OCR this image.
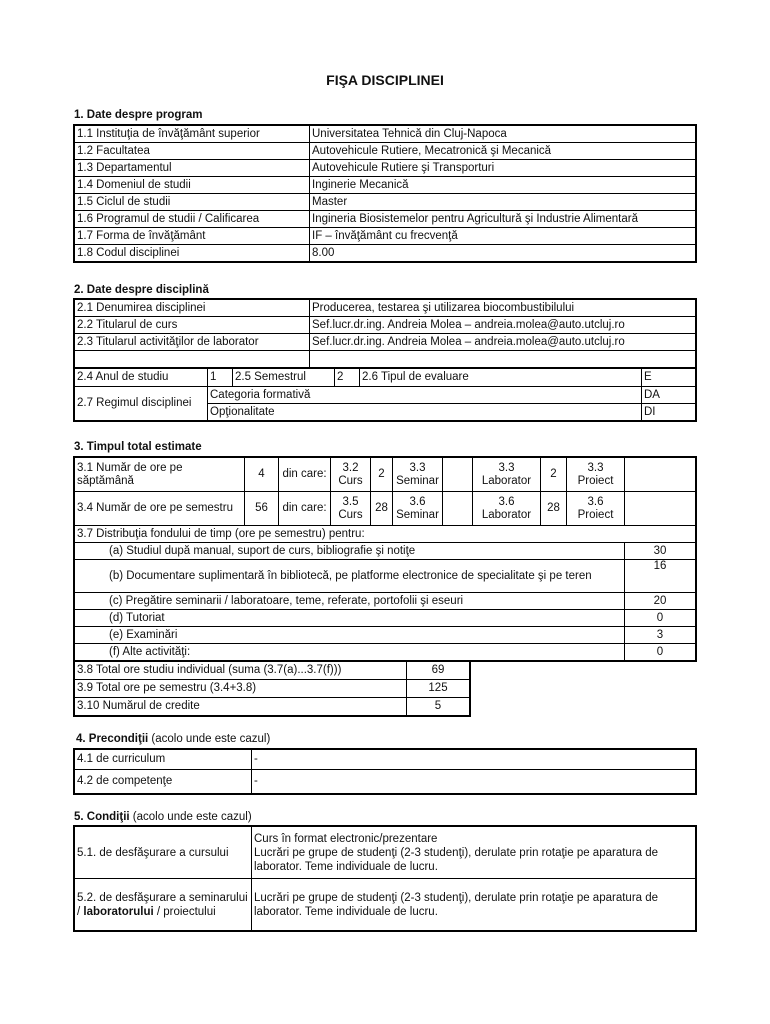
FIŞA DISCIPLINEI
1. Date despre program
1.1 Instituţia de învăţământ superior	Universitatea Tehnică din Cluj-Napoca
1.2 Facultatea	Autovehicule Rutiere, Mecatronică şi Mecanică
1.3 Departamentul	Autovehicule Rutiere şi Transporturi
1.4 Domeniul de studii	Inginerie Mecanică
1.5 Ciclul de studii	Master
1.6 Programul de studii / Calificarea	Ingineria Biosistemelor pentru Agricultură şi Industrie Alimentară
1.7 Forma de învăţământ	IF – învăţământ cu frecvenţă
1.8 Codul disciplinei	8.00
2. Date despre disciplină
2.1 Denumirea disciplinei	Producerea, testarea şi utilizarea biocombustibilului
2.2 Titularul de curs	Sef.lucr.dr.ing. Andreia Molea – andreia.molea@auto.utcluj.ro
2.3 Titularul activităţilor de laborator	Sef.lucr.dr.ing. Andreia Molea – andreia.molea@auto.utcluj.ro

2.4 Anul de studiu	1	2.5 Semestrul	2	2.6 Tipul de evaluare	E
2.7 Regimul disciplinei	Categoria formativă				DA
	Opţionalitate				DI
3. Timpul total estimate
3.1 Număr de ore pe săptămână	4	din care:	3.2 Curs	2	3.3 Seminar		3.3 Laborator	2	3.3 Proiect	
3.4 Număr de ore pe semestru	56	din care:	3.5 Curs	28	3.6 Seminar		3.6 Laborator	28	3.6 Proiect	
3.7 Distribuţia fondului de timp (ore pe semestru) pentru:										
(a) Studiul după manual, suport de curs, bibliografie şi notiţe										30
(b) Documentare suplimentară în bibliotecă, pe platforme electronice de specialitate şi pe teren										16
(c) Pregătire seminarii / laboratoare, teme, referate, portofolii şi eseuri										20
(d) Tutoriat										0
(e) Examinări										3
(f) Alte activităţi:										0
3.8 Total ore studiu individual (suma (3.7(a)...3.7(f)))	69
3.9 Total ore pe semestru (3.4+3.8)	125
3.10 Numărul de credite	5
4. Precondiţii (acolo unde este cazul)
4.1 de curriculum	-
4.2 de competenţe	-
5. Condiţii (acolo unde este cazul)
5.1. de desfăşurare a cursului	Curs în format electronic/prezentare
Lucrări pe grupe de studenţi (2-3 studenţi), derulate prin rotaţie pe aparatura de laborator. Teme individuale de lucru.

5.2. de desfăşurare a seminarului / laboratorului / proiectului	Lucrări pe grupe de studenţi (2-3 studenţi), derulate prin rotaţie pe aparatura de laborator. Teme individuale de lucru.
